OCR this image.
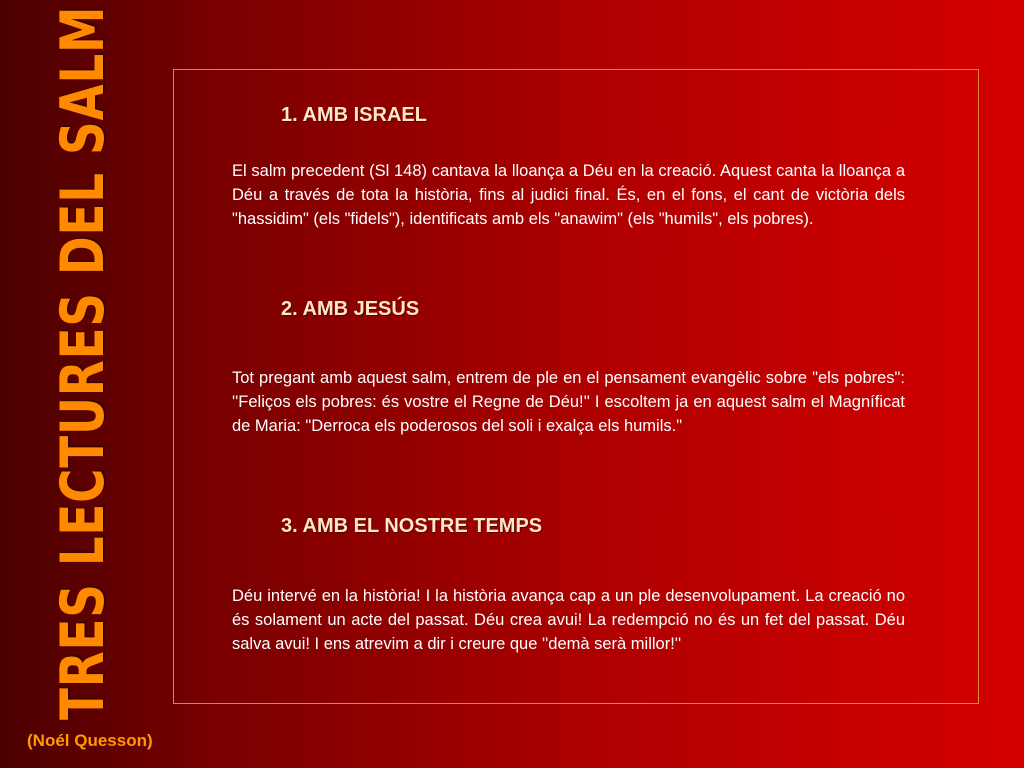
TRES LECTURES DEL SALM
(Noél Quesson)
1. AMB ISRAEL
El salm precedent (Sl 148) cantava la lloança a Déu en la creació. Aquest canta la lloança a Déu a través de tota la història, fins al judici final. És, en el fons, el cant de victòria dels "hassidim" (els "fidels"), identificats amb els "anawim" (els "humils", els pobres).
2. AMB JESÚS
Tot pregant amb aquest salm, entrem de ple en el pensament evangèlic sobre "els pobres": ''Feliços els pobres: és vostre el Regne de Déu!'' I escoltem ja en aquest salm el Magníficat de Maria: "Derroca els poderosos del soli i exalça els humils."
3. AMB EL NOSTRE TEMPS
Déu intervé en la història! I la història avança cap a un ple desenvolupament. La creació no és solament un acte del passat. Déu crea avui! La redempció no és un fet del passat. Déu salva avui! I ens atrevim a dir i creure que ''demà serà millor!''
